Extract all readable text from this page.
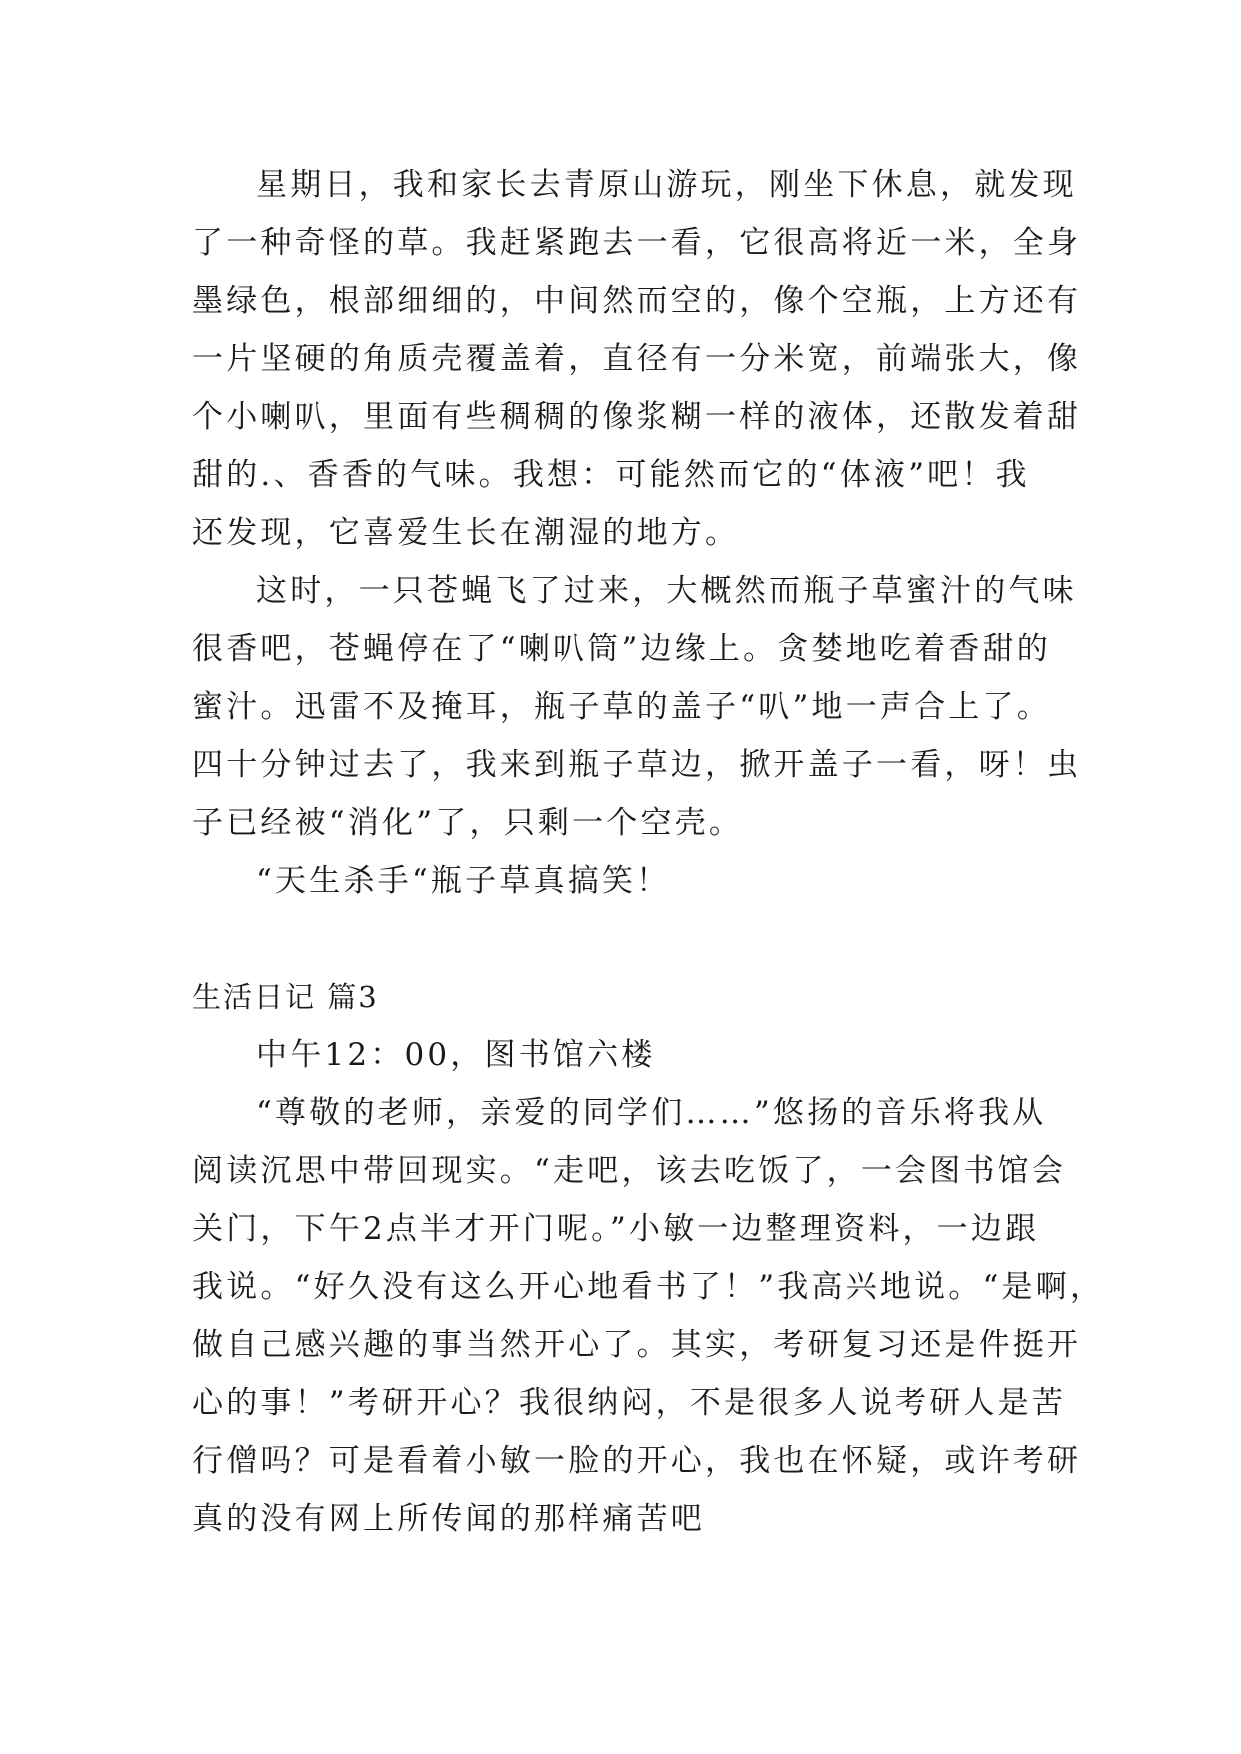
星期日，我和家长去青原山游玩，刚坐下休息，就发现
了一种奇怪的草。我赶紧跑去一看，它很高将近一米，全身
墨绿色，根部细细的，中间然而空的，像个空瓶，上方还有
一片坚硬的角质壳覆盖着，直径有一分米宽，前端张大，像
个小喇叭，里面有些稠稠的像浆糊一样的液体，还散发着甜
甜的.、香香的气味。我想：可能然而它的“体液”吧！我
还发现，它喜爱生长在潮湿的地方。
这时，一只苍蝇飞了过来，大概然而瓶子草蜜汁的气味
很香吧，苍蝇停在了“喇叭筒”边缘上。贪婪地吃着香甜的
蜜汁。迅雷不及掩耳，瓶子草的盖子“叭”地一声合上了。
四十分钟过去了，我来到瓶子草边，掀开盖子一看，呀！虫
子已经被“消化”了，只剩一个空壳。
“天生杀手“瓶子草真搞笑！
生活日记 篇3
中午12：00，图书馆六楼
“尊敬的老师，亲爱的同学们……”悠扬的音乐将我从
阅读沉思中带回现实。“走吧，该去吃饭了，一会图书馆会
关门，下午2点半才开门呢。”小敏一边整理资料，一边跟
我说。“好久没有这么开心地看书了！”我高兴地说。“是啊，
做自己感兴趣的事当然开心了。其实，考研复习还是件挺开
心的事！”考研开心？我很纳闷，不是很多人说考研人是苦
行僧吗？可是看着小敏一脸的开心，我也在怀疑，或许考研
真的没有网上所传闻的那样痛苦吧
